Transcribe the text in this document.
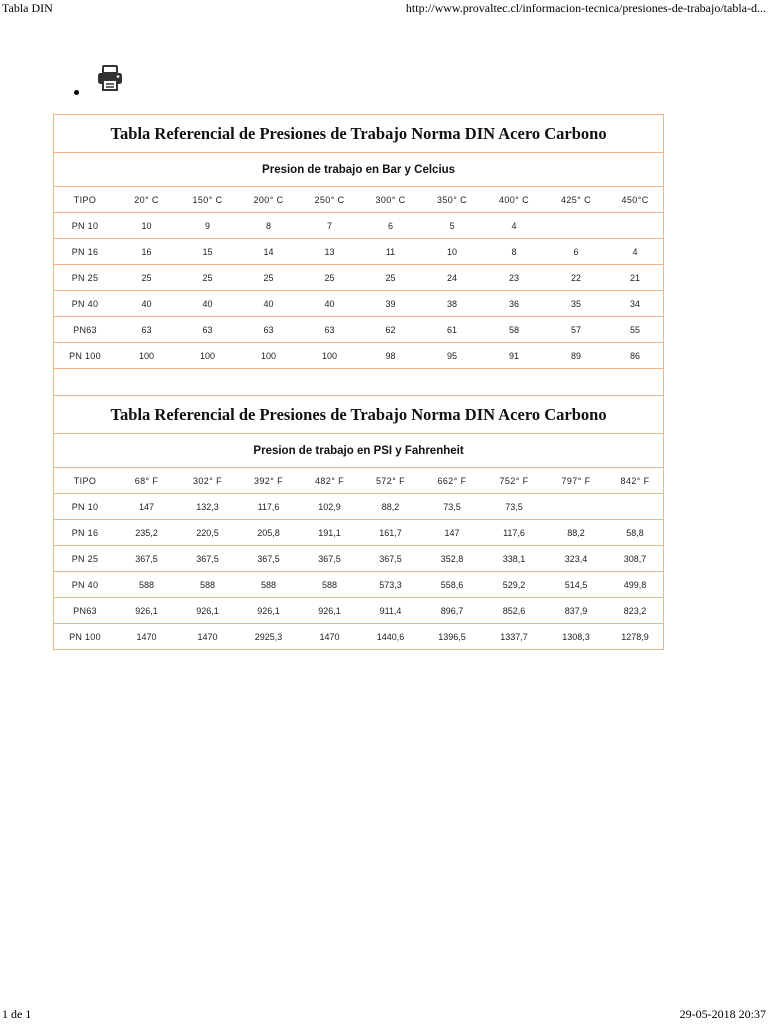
Tabla DIN	http://www.provaltec.cl/informacion-tecnica/presiones-de-trabajo/tabla-d...
Tabla Referencial de Presiones de Trabajo Norma DIN Acero Carbono									
Presion de trabajo en Bar y Celcius									
TIPO	20° C	150° C	200° C	250° C	300° C	350° C	400° C	425° C	450°C
PN 10	10	9	8	7	6	5	4		
PN 16	16	15	14	13	11	10	8	6	4
PN 25	25	25	25	25	25	24	23	22	21
PN 40	40	40	40	40	39	38	36	35	34
PN63	63	63	63	63	62	61	58	57	55
PN 100	100	100	100	100	98	95	91	89	86

Tabla Referencial de Presiones de Trabajo Norma DIN Acero Carbono									
Presion de trabajo en PSI y Fahrenheit									
TIPO	68° F	302° F	392° F	482° F	572° F	662° F	752° F	797° F	842° F
PN 10	147	132,3	117,6	102,9	88,2	73,5	73,5		
PN 16	235,2	220,5	205,8	191,1	161,7	147	117,6	88,2	58,8
PN 25	367,5	367,5	367,5	367,5	367,5	352,8	338,1	323,4	308,7
PN 40	588	588	588	588	573,3	558,6	529,2	514,5	499,8
PN63	926,1	926,1	926,1	926,1	911,4	896,7	852,6	837,9	823,2
PN 100	1470	1470	2925,3	1470	1440,6	1396,5	1337,7	1308,3	1278,9
1 de 1	29-05-2018 20:37
